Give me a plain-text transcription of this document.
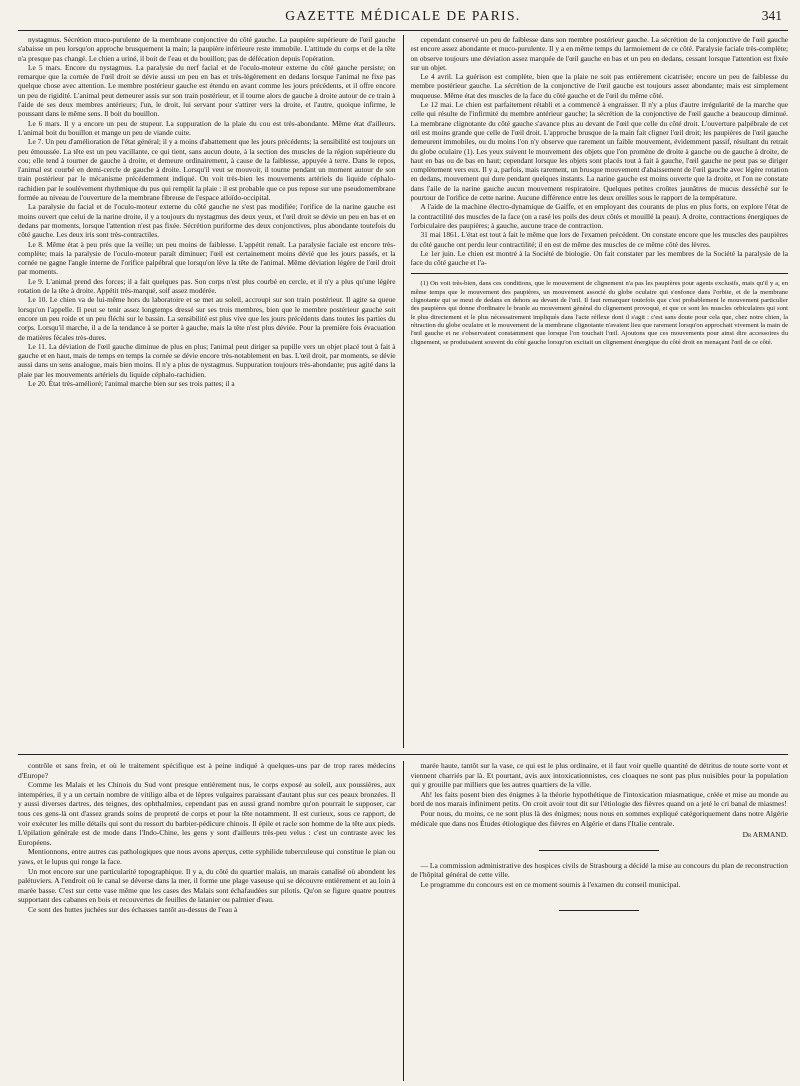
GAZETTE MÉDICALE DE PARIS.	341

nystagmus. Sécrétion muco-purulente de la membrane conjonctive du côté gauche. La paupière supérieure de l'œil gauche s'abaisse un peu lorsqu'on approche brusquement la main; la paupière inférieure reste immobile. L'attitude du corps et de la tête n'a presque pas changé. Le chien a uriné, il boit de l'eau et du bouillon; pas de défécation depuis l'opération.

Le 5 mars. Encore du nystagmus. La paralysie du nerf facial et de l'oculo-moteur externe du côté gauche persiste; on remarque que la cornée de l'œil droit se dévie aussi un peu en bas et très-légèrement en dedans lorsque l'animal ne fixe pas quelque chose avec attention. Le membre postérieur gauche est étendu en avant comme les jours précédents, et il offre encore un peu de rigidité. L'animal peut demeurer assis sur son train postérieur, et il tourne alors de gauche à droite autour de ce train à l'aide de ses deux membres antérieurs; l'un, le droit, lui servant pour s'attirer vers la droite, et l'autre, quoique infirme, le poussant dans le même sens. Il boit du bouillon.

Le 6 mars. Il y a encore un peu de stupeur. La suppuration de la plaie du cou est très-abondante. Même état d'ailleurs. L'animal boit du bouillon et mange un peu de viande cuite.

Le 7. Un peu d'amélioration de l'état général; il y a moins d'abattement que les jours précédents; la sensibilité est toujours un peu émoussée. La tête est un peu vacillante, ce qui tient, sans aucun doute, à la section des muscles de la région supérieure du cou; elle tend à tourner de gauche à droite, et demeure ordinairement, à cause de la faiblesse, appuyée à terre. Dans le repos, l'animal est courbé en demi-cercle de gauche à droite. Lorsqu'il veut se mouvoir, il tourne pendant un moment autour de son train postérieur par le mécanisme précédemment indiqué. On voit très-bien les mouvements artériels du liquide céphalo-rachidien par le soulèvement rhythmique du pus qui remplit la plaie : il est probable que ce pus repose sur une pseudomembrane formée au niveau de l'ouverture de la membrane fibreuse de l'espace atloïdo-occipital.

La paralysie du facial et de l'oculo-moteur externe du côté gauche ne s'est pas modifiée; l'orifice de la narine gauche est moins ouvert que celui de la narine droite, il y a toujours du nystagmus des deux yeux, et l'œil droit se dévie un peu en bas et en dedans par moments, lorsque l'attention n'est pas fixée. Sécrétion puriforme des deux conjonctives, plus abondante toutefois du côté gauche. Les deux iris sont très-contractiles.

Le 8. Même état à peu près que la veille; un peu moins de faiblesse. L'appétit renaît. La paralysie faciale est encore très-complète; mais la paralysie de l'oculo-moteur paraît diminuer; l'œil est certainement moins dévié que les jours passés, et la cornée ne gagne l'angle interne de l'orifice palpébral que lorsqu'on lève la tête de l'animal. Même déviation légère de l'œil droit par moments.

Le 9. L'animal prend des forces; il a fait quelques pas. Son corps n'est plus courbé en cercle, et il n'y a plus qu'une légère rotation de la tête à droite. Appétit très-marqué, soif assez modérée.

Le 10. Le chien va de lui-même hors du laboratoire et se met au soleil, accroupi sur son train postérieur. Il agite sa queue lorsqu'on l'appelle. Il peut se tenir assez longtemps dressé sur ses trois membres, bien que le membre postérieur gauche soit encore un peu roide et un peu fléchi sur le bassin. La sensibilité est plus vive que les jours précédents dans toutes les parties du corps. Lorsqu'il marche, il a de la tendance à se porter à gauche, mais la tête n'est plus déviée. Pour la première fois évacuation de matières fécales très-dures.

Le 11. La déviation de l'œil gauche diminue de plus en plus; l'animal peut diriger sa pupille vers un objet placé tout à fait à gauche et en haut, mais de temps en temps la cornée se dévie encore très-notablement en bas. L'œil droit, par moments, se dévie aussi dans un sens analogue, mais bien moins. Il n'y a plus de nystagmus. Suppuration toujours très-abondante; pus agité dans la plaie par les mouvements artériels du liquide céphalo-rachidien.

Le 20. État très-amélioré; l'animal marche bien sur ses trois pattes; il a

cependant conservé un peu de faiblesse dans son membre postérieur gauche. La sécrétion de la conjonctive de l'œil gauche est encore assez abondante et muco-purulente. Il y a en même temps du larmoiement de ce côté. Paralysie faciale très-complète; on observe toujours une déviation assez marquée de l'œil gauche en bas et un peu en dedans, cessant lorsque l'attention est fixée sur un objet.

Le 4 avril. La guérison est complète, bien que la plaie ne soit pas entièrement cicatrisée; encore un peu de faiblesse du membre postérieur gauche. La sécrétion de la conjonctive de l'œil gauche est toujours assez abondante; mais est simplement muqueuse. Même état des muscles de la face du côté gauche et de l'œil du même côté.

Le 12 mai. Le chien est parfaitement rétabli et a commencé à engraisser. Il n'y a plus d'autre irrégularité de la marche que celle qui résulte de l'infirmité du membre antérieur gauche; la sécrétion de la conjonctive de l'œil gauche a beaucoup diminué. La membrane clignotante du côté gauche s'avance plus au devant de l'œil que celle du côté droit. L'ouverture palpébrale de cet œil est moins grande que celle de l'œil droit. L'approche brusque de la main fait cligner l'œil droit; les paupières de l'œil gauche demeurent immobiles, ou du moins l'on n'y observe que rarement un faible mouvement, évidemment passif, résultant du retrait du globe oculaire (1). Les yeux suivent le mouvement des objets que l'on promène de droite à gauche ou de gauche à droite, de haut en bas ou de bas en haut; cependant lorsque les objets sont placés tout à fait à gauche, l'œil gauche ne peut pas se diriger complètement vers eux. Il y a, parfois, mais rarement, un brusque mouvement d'abaissement de l'œil gauche avec légère rotation en dedans, mouvement qui dure pendant quelques instants. La narine gauche est moins ouverte que la droite, et l'on ne constate dans l'aile de la narine gauche aucun mouvement respiratoire. Quelques petites croûtes jaunâtres de mucus desséché sur le pourtour de l'orifice de cette narine. Aucune différence entre les deux oreilles sous le rapport de la température.

A l'aide de la machine électro-dynamique de Gaiffe, et en employant des courants de plus en plus forts, on explore l'état de la contractilité des muscles de la face (on a rasé les poils des deux côtés et mouillé la peau). A droite, contractions énergiques de l'orbiculaire des paupières; à gauche, aucune trace de contraction.

31 mai 1861. L'état est tout à fait le même que lors de l'examen précédent. On constate encore que les muscles des paupières du côté gauche ont perdu leur contractilité; il en est de même des muscles de ce même côté des lèvres.

Le 1er juin. Le chien est montré à la Société de biologie. On fait constater par les membres de la Société la paralysie de la face du côté gauche et l'a-

(1) On voit très-bien, dans ces conditions, que le mouvement de clignement n'a pas les paupières pour agents exclusifs, mais qu'il y a, en même temps que le mouvement des paupières, un mouvement associé du globe oculaire qui s'enfonce dans l'orbite, et de la membrane clignotante qui se meut de dedans en dehors au devant de l'œil. Il faut remarquer toutefois que c'est probablement le mouvement particulier des paupières qui donne d'ordinaire le branle au mouvement général du clignement provoqué, et que ce sont les muscles orbiculaires qui sont le plus directement et le plus nécessairement impliqués dans l'acte réflexe dont il s'agit : c'est sans doute pour cela que, chez notre chien, la rétraction du globe oculaire et le mouvement de la membrane clignotante n'avaient lieu que rarement lorsqu'on approchait vivement la main de l'œil gauche et ne s'observaient constamment que lorsque l'on touchait l'œil. Ajoutons que ces mouvements pour ainsi dire accessoires du clignement, se produisaient souvent du côté gauche lorsqu'on excitait un clignement énergique du côté droit en menaçant l'œil de ce côté.

contrôle et sans frein, et où le traitement spécifique est à peine indiqué à quelques-uns par de trop rares médecins d'Europe?

Comme les Malais et les Chinois du Sud vont presque entièrement nus, le corps exposé au soleil, aux poussières, aux intempéries, il y a un certain nombre de vitiligo alba et de lèpres vulgaires paraissant d'autant plus sur ces peaux bronzées. Il y aussi diverses dartres, des teignes, des ophthalmies, cependant pas en aussi grand nombre qu'on pourrait le supposer, car tous ces gens-là ont d'assez grands soins de propreté de corps et pour la tête notamment. Il est curieux, sous ce rapport, de voir exécuter les mille détails qui sont du ressort du barbier-pédicure chinois. Il épile et racle son homme de la tête aux pieds. L'épilation générale est de mode dans l'Indo-Chine, les gens y sont d'ailleurs très-peu velus : c'est un contraste avec les Européens.

Mentionnons, entre autres cas pathologiques que nous avons aperçus, cette syphilide tuberculeuse qui constitue le pian ou yaws, et le lupus qui ronge la face.

Un mot encore sur une particularité topographique. Il y a, du côté du quartier malais, un marais canalisé où abondent les palétuviers. A l'endroit où le canal se déverse dans la mer, il forme une plage vaseuse qui se découvre entièrement et au loin à marée basse. C'est sur cette vase même que les cases des Malais sont échafaudées sur pilotis. Qu'on se figure quatre poutres supportant des cabanes en bois et recouvertes de feuilles de latanier ou palmier d'eau.

Ce sont des huttes juchées sur des échasses tantôt au-dessus de l'eau à

marée haute, tantôt sur la vase, ce qui est le plus ordinaire, et il faut voir quelle quantité de détritus de toute sorte vont et viennent charriés par là. Et pourtant, avis aux intoxicationnistes, ces cloaques ne sont pas plus nuisibles pour la population qui y grouille par milliers que les autres quartiers de la ville.

Ah! les faits posent bien des énigmes à la théorie hypothétique de l'intoxication miasmatique, créée et mise au monde au bord de nos marais infiniment petits. On croit avoir tout dit sur l'étiologie des fièvres quand on a jeté le cri banal de miasmes!

Pour nous, du moins, ce ne sont plus là des énigmes; nous nous en sommes expliqué catégoriquement dans notre Algérie médicale que dans nos Études étiologique des fièvres en Algérie et dans l'Italie centrale.

Dr ARMAND.

— La commission administrative des hospices civils de Strasbourg a décidé la mise au concours du plan de reconstruction de l'hôpital général de cette ville.

Le programme du concours est en ce moment soumis à l'examen du conseil municipal.
